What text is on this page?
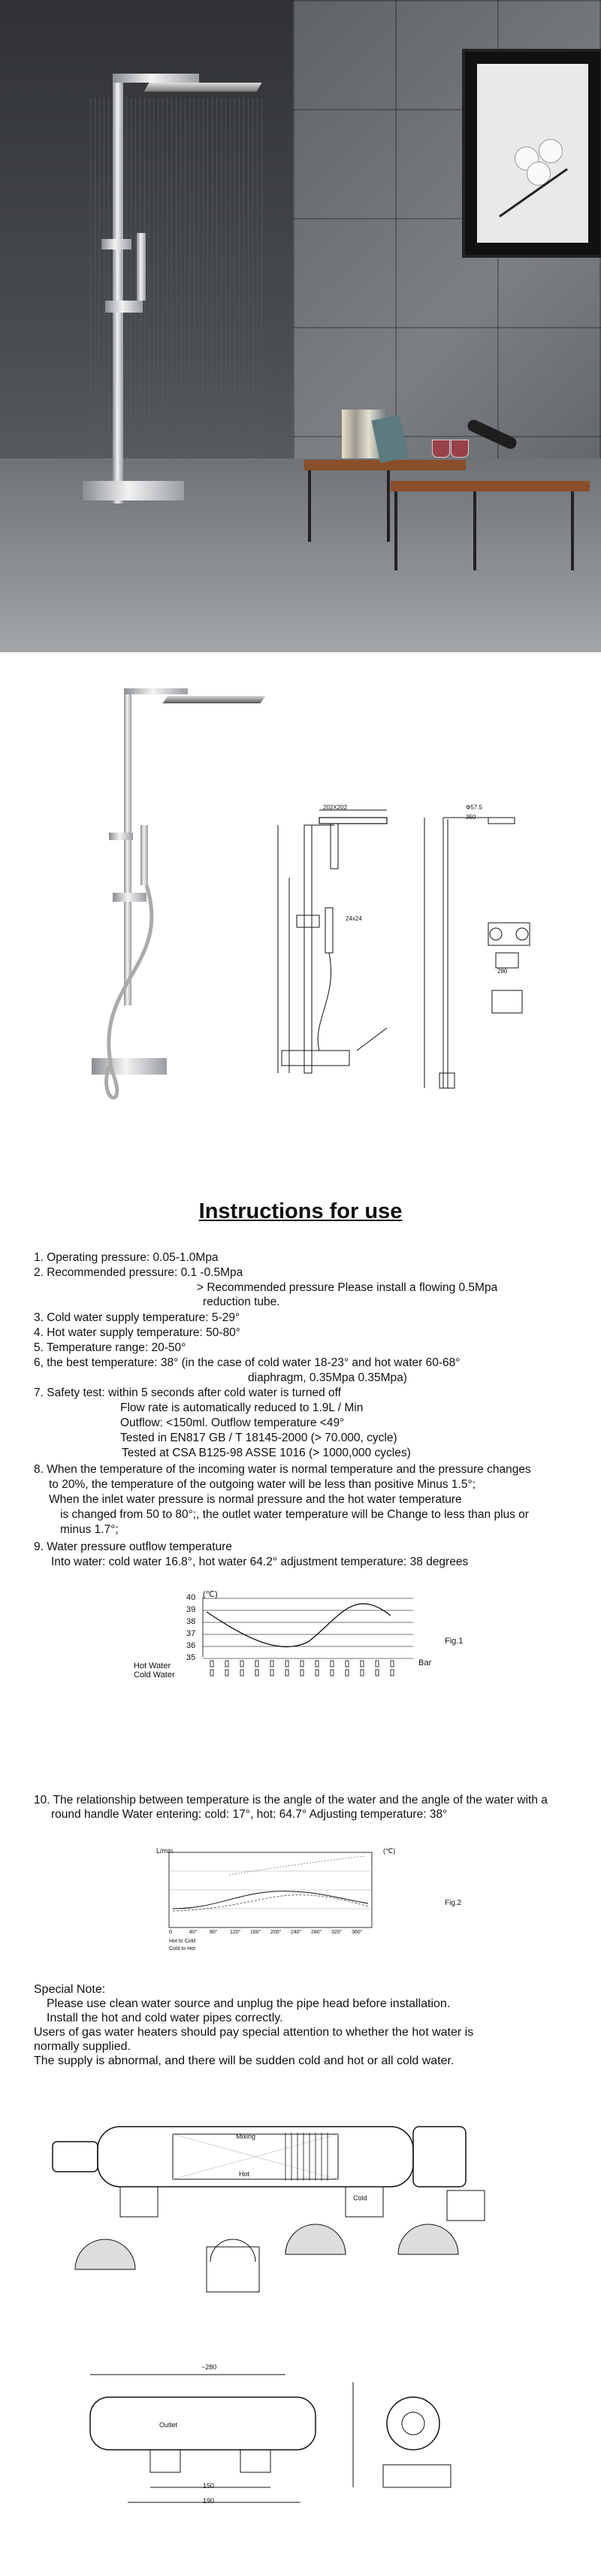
202X202
24x24
Φ57.5
350
280
Instructions for use
1. Operating pressure: 0.05-1.0Mpa
2. Recommended pressure: 0.1 -0.5Mpa
> Recommended pressure Please install a flowing 0.5Mpa
reduction tube.
3. Cold water supply temperature: 5-29°
4. Hot water supply temperature: 50-80°
5. Temperature range: 20-50°
6, the best temperature: 38° (in the case of cold water 18-23° and hot water 60-68°
diaphragm, 0.35Mpa 0.35Mpa)
7. Safety test: within 5 seconds after cold water is turned off
Flow rate is automatically reduced to 1.9L / Min
Outflow: <150ml. Outflow temperature <49°
Tested in EN817 GB / T 18145-2000 (> 70.000, cycle)
Tested at CSA B125-98 ASSE 1016 (> 1000,000 cycles)
8. When the temperature of the incoming water is normal temperature and the pressure changes
to 20%, the temperature of the outgoing water will be less than positive Minus 1.5°;
When the inlet water pressure is normal pressure and the hot water temperature
is changed from 50 to 80°;, the outlet water temperature will be Change to less than plus or
minus 1.7°;
9. Water pressure outflow temperature
Into water: cold water 16.8°, hot water 64.2° adjustment temperature: 38 degrees
(℃)
40
39
38
37
36
35
Fig.1
Bar
Hot Water
Cold Water
10. The relationship between temperature is the angle of the water and the angle of the water with a
round handle Water entering: cold: 17°, hot: 64.7° Adjusting temperature: 38°
L/min	(℃)
Fig.2
0	40° 80° 120° 160° 200° 240° 280° 320° 360°
Hot to Cold
Cold to Hot
Special Note:
Please use clean water source and unplug the pipe head before installation.
Install the hot and cold water pipes correctly.
Users of gas water heaters should pay special attention to whether the hot water is
normally supplied.
The supply is abnormal, and there will be sudden cold and hot or all cold water.
Mixing
Hot
Cold
~280
Outlet
150
190
